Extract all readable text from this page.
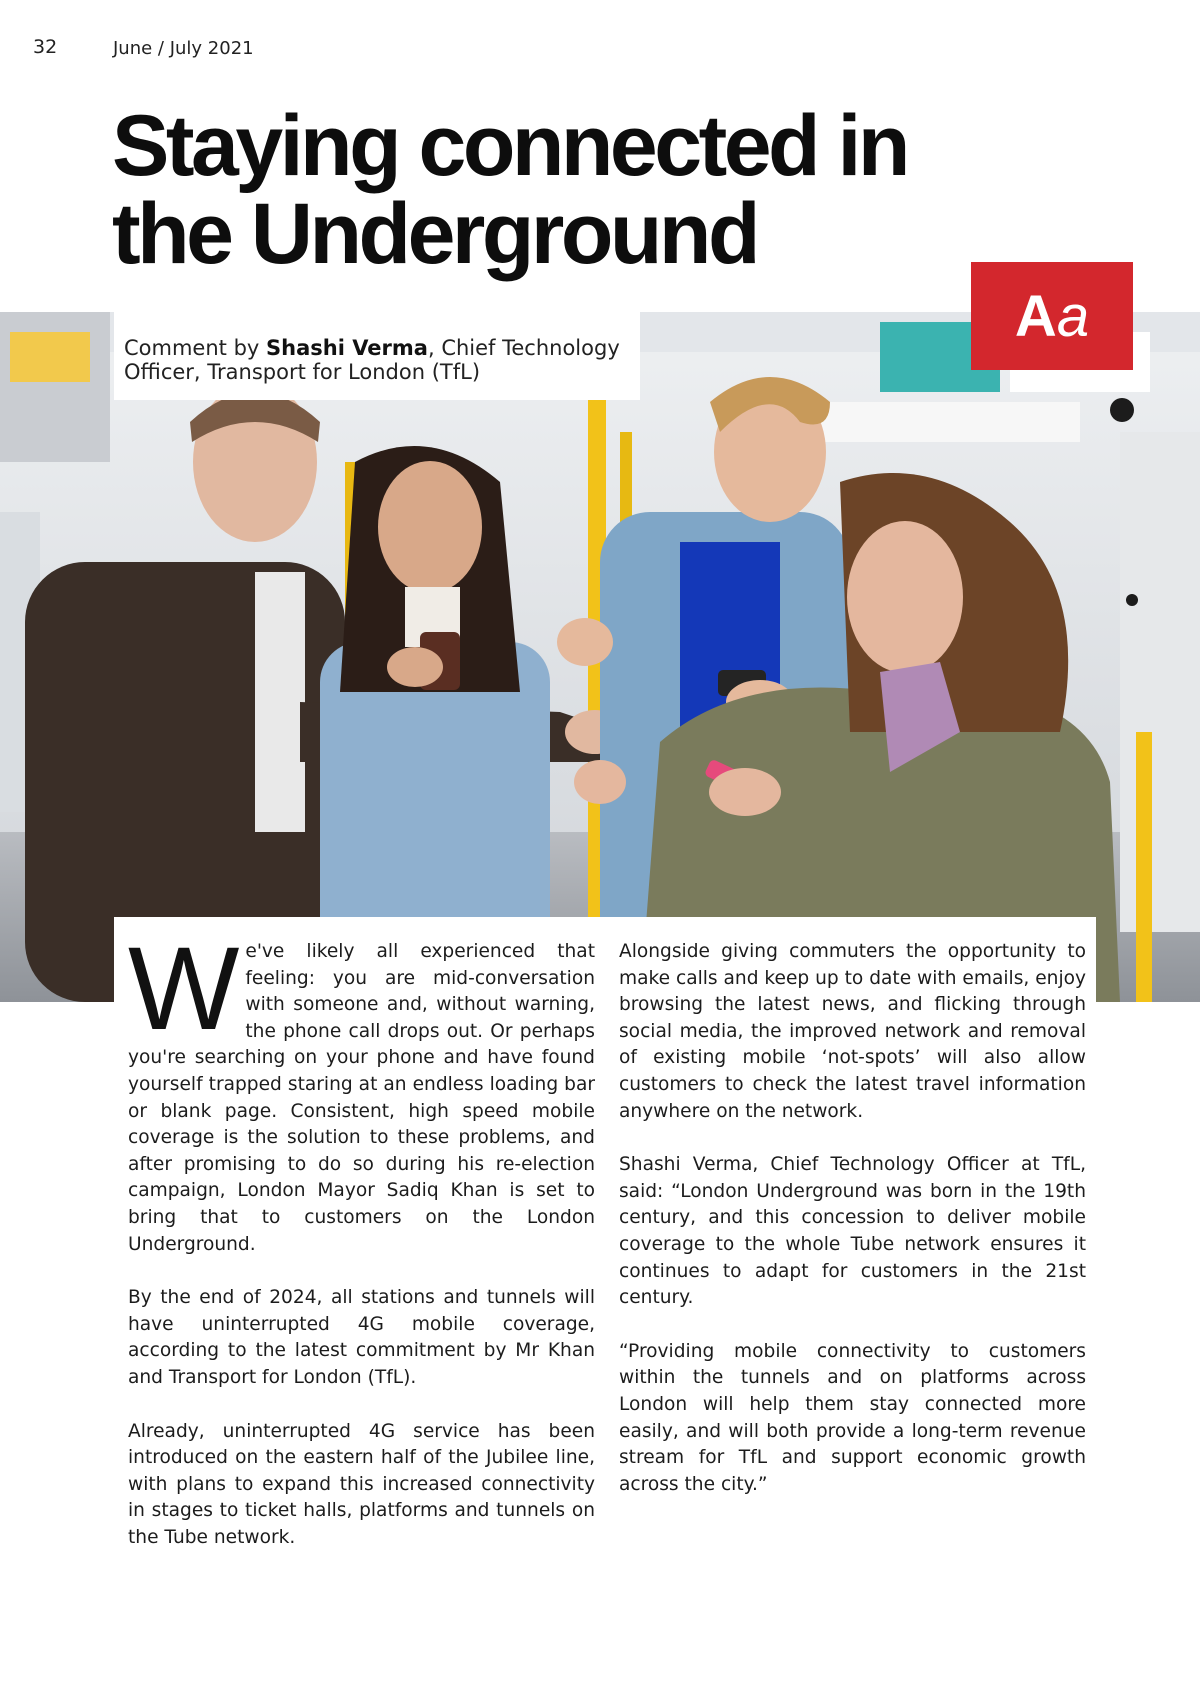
32	June / July 2021
Staying connected in
the Underground
A a
Comment by Shashi Verma, Chief Technology
Officer, Transport for London (TfL)

We've likely all experienced that feeling: you are mid-conversation with someone and, without warning, the phone call drops out. Or perhaps you're searching on your phone and have found yourself trapped staring at an endless loading bar or blank page. Consistent, high speed mobile coverage is the solution to these problems, and after promising to do so during his re-election campaign, London Mayor Sadiq Khan is set to bring that to customers on the London Underground.

By the end of 2024, all stations and tunnels will have uninterrupted 4G mobile coverage, according to the latest commitment by Mr Khan and Transport for London (TfL).

Already, uninterrupted 4G service has been introduced on the eastern half of the Jubilee line, with plans to expand this increased connectivity in stages to ticket halls, platforms and tunnels on the Tube network.

Alongside giving commuters the opportunity to make calls and keep up to date with emails, enjoy browsing the latest news, and flicking through social media, the improved network and removal of existing mobile ‘not-spots’ will also allow customers to check the latest travel information anywhere on the network.

Shashi Verma, Chief Technology Officer at TfL, said: “London Underground was born in the 19th century, and this concession to deliver mobile coverage to the whole Tube network ensures it continues to adapt for customers in the 21st century.

“Providing mobile connectivity to customers within the tunnels and on platforms across London will help them stay connected more easily, and will both provide a long-term revenue stream for TfL and support economic growth across the city.”
